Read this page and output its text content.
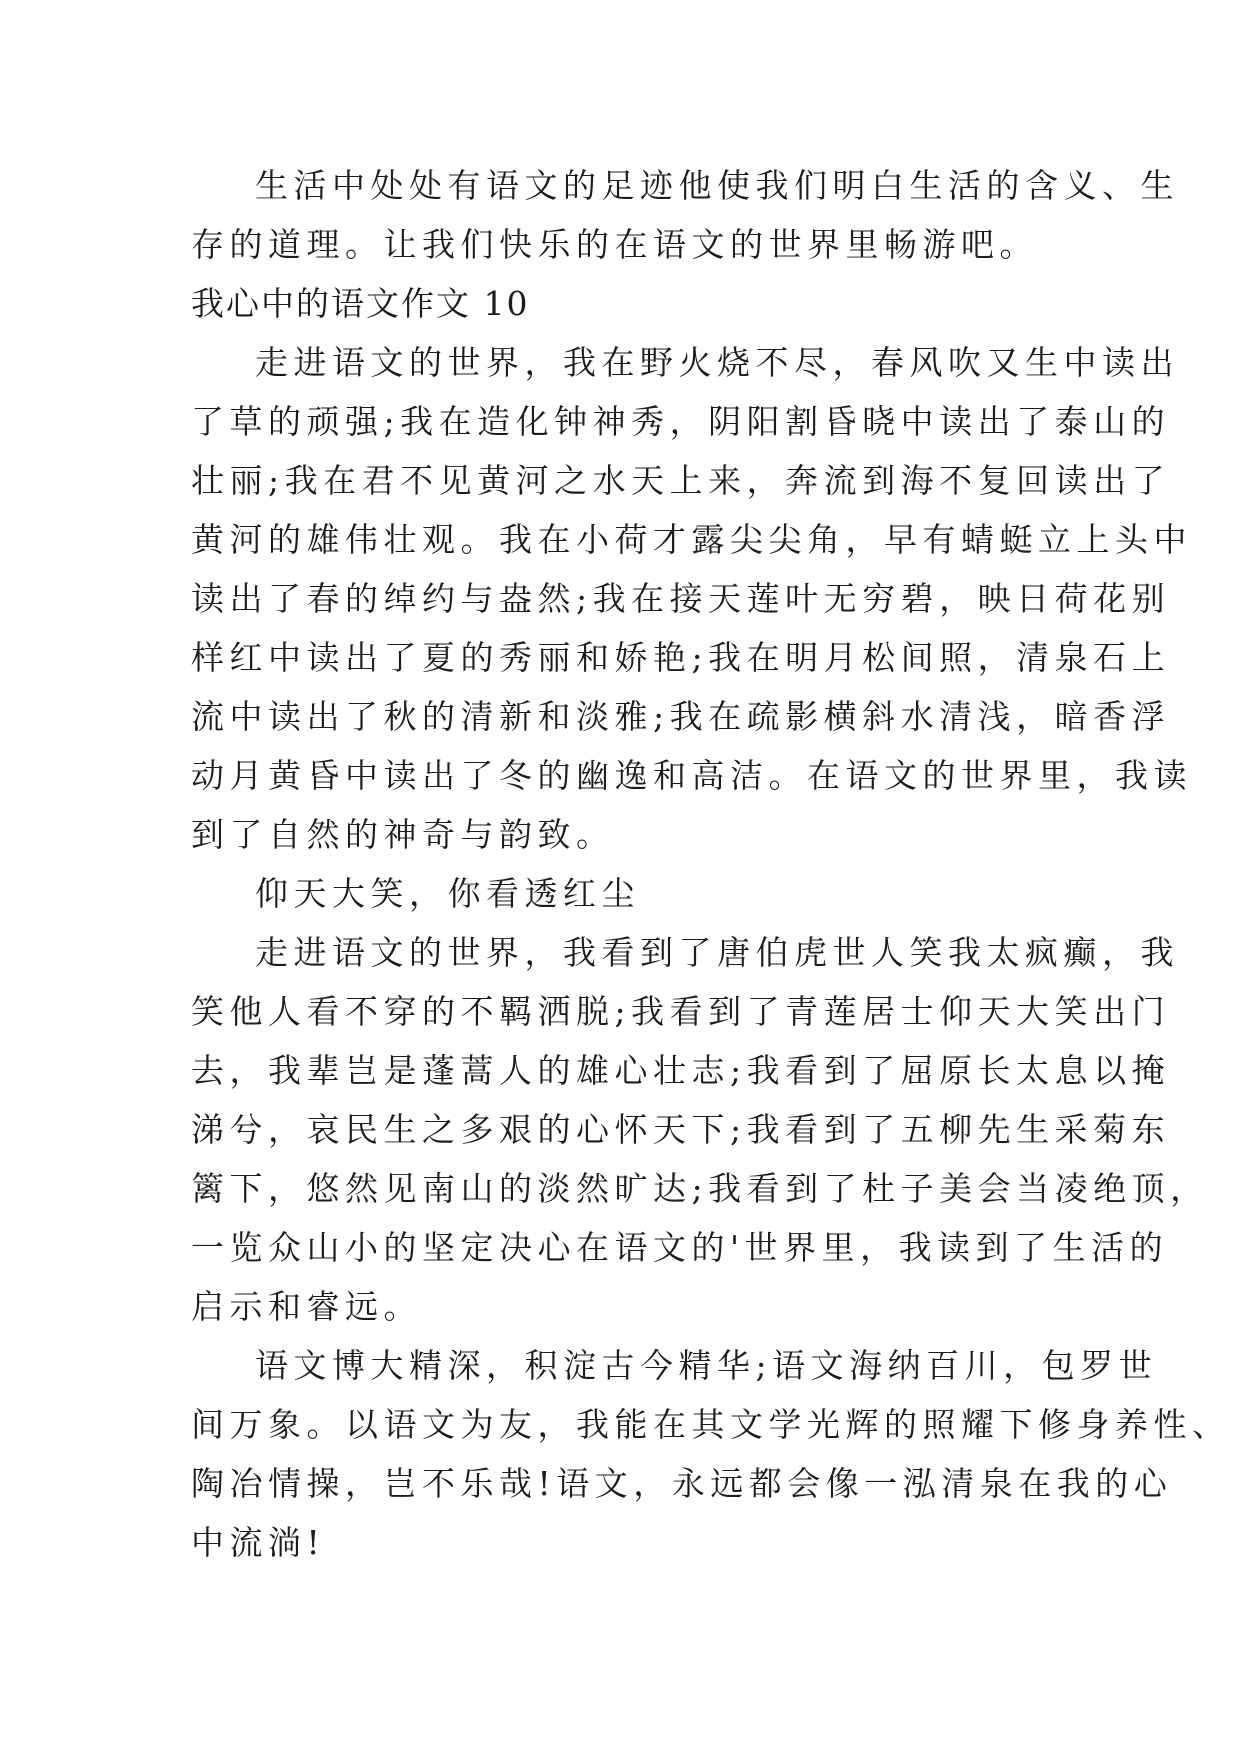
生活中处处有语文的足迹他使我们明白生活的含义、生
存的道理。让我们快乐的在语文的世界里畅游吧。
我心中的语文作文 10
走进语文的世界，我在野火烧不尽，春风吹又生中读出
了草的顽强;我在造化钟神秀，阴阳割昏晓中读出了泰山的
壮丽;我在君不见黄河之水天上来，奔流到海不复回读出了
黄河的雄伟壮观。我在小荷才露尖尖角，早有蜻蜓立上头中
读出了春的绰约与盎然;我在接天莲叶无穷碧，映日荷花别
样红中读出了夏的秀丽和娇艳;我在明月松间照，清泉石上
流中读出了秋的清新和淡雅;我在疏影横斜水清浅，暗香浮
动月黄昏中读出了冬的幽逸和高洁。在语文的世界里，我读
到了自然的神奇与韵致。
仰天大笑，你看透红尘
走进语文的世界，我看到了唐伯虎世人笑我太疯癫，我
笑他人看不穿的不羁洒脱;我看到了青莲居士仰天大笑出门
去，我辈岂是蓬蒿人的雄心壮志;我看到了屈原长太息以掩
涕兮，哀民生之多艰的心怀天下;我看到了五柳先生采菊东
篱下，悠然见南山的淡然旷达;我看到了杜子美会当凌绝顶，
一览众山小的坚定决心在语文的'世界里，我读到了生活的
启示和睿远。
语文博大精深，积淀古今精华;语文海纳百川，包罗世
间万象。以语文为友，我能在其文学光辉的照耀下修身养性、
陶冶情操，岂不乐哉!语文，永远都会像一泓清泉在我的心
中流淌!
